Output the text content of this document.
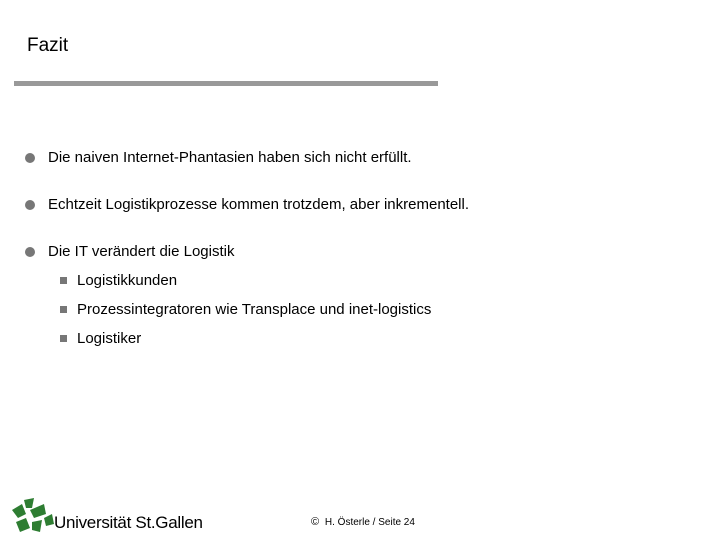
Fazit
Die naiven Internet-Phantasien haben sich nicht erfüllt.
Echtzeit Logistikprozesse kommen trotzdem, aber inkrementell.
Die IT verändert die Logistik
Logistikkunden
Prozessintegratoren wie Transplace und inet-logistics
Logistiker
Universität St.Gallen	© H. Österle / Seite 24
